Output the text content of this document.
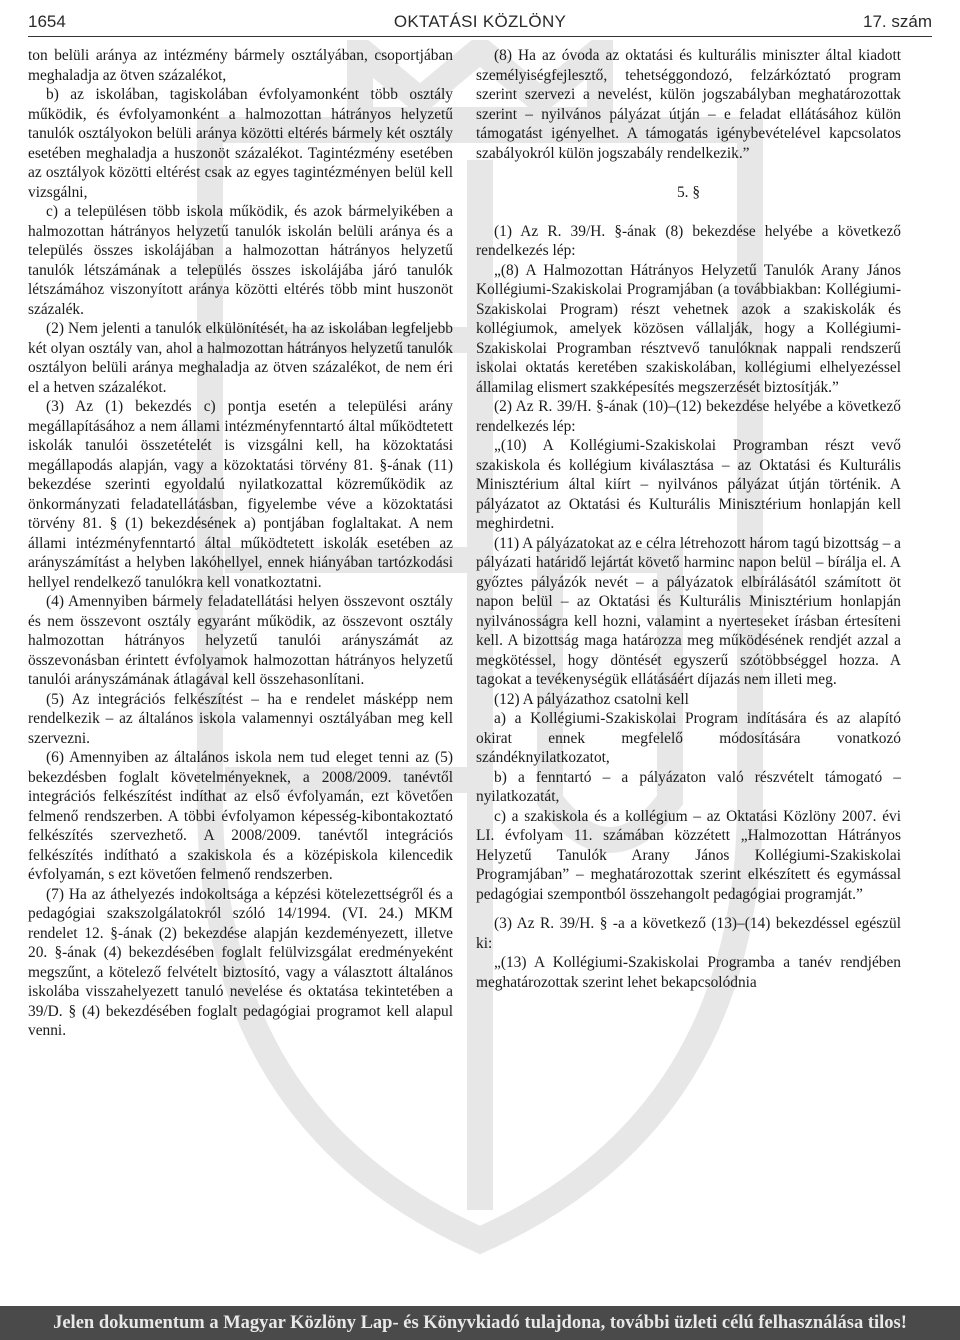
1654	OKTATÁSI KÖZLÖNY	17. szám

ton belüli aránya az intézmény bármely osztályában, csoportjában meghaladja az ötven százalékot,

b) az iskolában, tagiskolában évfolyamonként több osztály működik, és évfolyamonként a halmozottan hátrányos helyzetű tanulók osztályokon belüli aránya közötti eltérés bármely két osztály esetében meghaladja a huszonöt százalékot. Tagintézmény esetében az osztályok közötti eltérést csak az egyes tagintézményen belül kell vizsgálni,

c) a településen több iskola működik, és azok bármelyikében a halmozottan hátrányos helyzetű tanulók iskolán belüli aránya és a település összes iskolájában a halmozottan hátrányos helyzetű tanulók létszámának a település összes iskolájába járó tanulók létszámához viszonyított aránya közötti eltérés több mint huszonöt százalék.

(2) Nem jelenti a tanulók elkülönítését, ha az iskolában legfeljebb két olyan osztály van, ahol a halmozottan hátrányos helyzetű tanulók osztályon belüli aránya meghaladja az ötven százalékot, de nem éri el a hetven százalékot.

(3) Az (1) bekezdés c) pontja esetén a települési arány megállapításához a nem állami intézményfenntartó által működtetett iskolák tanulói összetételét is vizsgálni kell, ha közoktatási megállapodás alapján, vagy a közoktatási törvény 81. §-ának (11) bekezdése szerinti egyoldalú nyilatkozattal közreműködik az önkormányzati feladatellátásban, figyelembe véve a közoktatási törvény 81. § (1) bekezdésének a) pontjában foglaltakat. A nem állami intézményfenntartó által működtetett iskolák esetében az arányszámítást a helyben lakóhellyel, ennek hiányában tartózkodási hellyel rendelkező tanulókra kell vonatkoztatni.

(4) Amennyiben bármely feladatellátási helyen összevont osztály és nem összevont osztály egyaránt működik, az összevont osztály halmozottan hátrányos helyzetű tanulói arányszámát az összevonásban érintett évfolyamok halmozottan hátrányos helyzetű tanulói arányszámának átlagával kell összehasonlítani.

(5) Az integrációs felkészítést – ha e rendelet másképp nem rendelkezik – az általános iskola valamennyi osztályában meg kell szervezni.

(6) Amennyiben az általános iskola nem tud eleget tenni az (5) bekezdésben foglalt követelményeknek, a 2008/2009. tanévtől integrációs felkészítést indíthat az első évfolyamán, ezt követően felmenő rendszerben. A többi évfolyamon képesség-kibontakoztató felkészítés szervezhető. A 2008/2009. tanévtől integrációs felkészítés indítható a szakiskola és a középiskola kilencedik évfolyamán, s ezt követően felmenő rendszerben.

(7) Ha az áthelyezés indokoltsága a képzési kötelezettségről és a pedagógiai szakszolgálatokról szóló 14/1994. (VI. 24.) MKM rendelet 12. §-ának (2) bekezdése alapján kezdeményezett, illetve 20. §-ának (4) bekezdésében foglalt felülvizsgálat eredményeként megszűnt, a kötelező felvételt biztosító, vagy a választott általános iskolába visszahelyezett tanuló nevelése és oktatása tekintetében a 39/D. § (4) bekezdésében foglalt pedagógiai programot kell alapul venni.

(8) Ha az óvoda az oktatási és kulturális miniszter által kiadott személyiségfejlesztő, tehetséggondozó, felzárkóztató program szerint szervezi a nevelést, külön jogszabályban meghatározottak szerint – nyilvános pályázat útján – e feladat ellátásához külön támogatást igényelhet. A támogatás igénybevételével kapcsolatos szabályokról külön jogszabály rendelkezik.”

5. §

(1) Az R. 39/H. §-ának (8) bekezdése helyébe a következő rendelkezés lép:

„(8) A Halmozottan Hátrányos Helyzetű Tanulók Arany János Kollégiumi-Szakiskolai Programjában (a továbbiakban: Kollégiumi-Szakiskolai Program) részt vehetnek azok a szakiskolák és kollégiumok, amelyek közösen vállalják, hogy a Kollégiumi-Szakiskolai Programban résztvevő tanulóknak nappali rendszerű iskolai oktatás keretében szakiskolában, kollégiumi elhelyezéssel államilag elismert szakképesítés megszerzését biztosítják.”

(2) Az R. 39/H. §-ának (10)–(12) bekezdése helyébe a következő rendelkezés lép:

„(10) A Kollégiumi-Szakiskolai Programban részt vevő szakiskola és kollégium kiválasztása – az Oktatási és Kulturális Minisztérium által kiírt – nyilvános pályázat útján történik. A pályázatot az Oktatási és Kulturális Minisztérium honlapján kell meghirdetni.

(11) A pályázatokat az e célra létrehozott három tagú bizottság – a pályázati határidő lejártát követő harminc napon belül – bírálja el. A győztes pályázók nevét – a pályázatok elbírálásától számított öt napon belül – az Oktatási és Kulturális Minisztérium honlapján nyilvánosságra kell hozni, valamint a nyerteseket írásban értesíteni kell. A bizottság maga határozza meg működésének rendjét azzal a megkötéssel, hogy döntését egyszerű szótöbbséggel hozza. A tagokat a tevékenységük ellátásáért díjazás nem illeti meg.

(12) A pályázathoz csatolni kell

a) a Kollégiumi-Szakiskolai Program indítására és az alapító okirat ennek megfelelő módosítására vonatkozó szándéknyilatkozatot,

b) a fenntartó – a pályázaton való részvételt támogató – nyilatkozatát,

c) a szakiskola és a kollégium – az Oktatási Közlöny 2007. évi LI. évfolyam 11. számában közzétett „Halmozottan Hátrányos Helyzetű Tanulók Arany János Kollégiumi-Szakiskolai Programjában” – meghatározottak szerint elkészített és egymással pedagógiai szempontból összehangolt pedagógiai programját.”

(3) Az R. 39/H. § -a a következő (13)–(14) bekezdéssel egészül ki:

„(13) A Kollégiumi-Szakiskolai Programba a tanév rendjében meghatározottak szerint lehet bekapcsolódnia

Jelen dokumentum a Magyar Közlöny Lap- és Könyvkiadó tulajdona, további üzleti célú felhasználása tilos!
